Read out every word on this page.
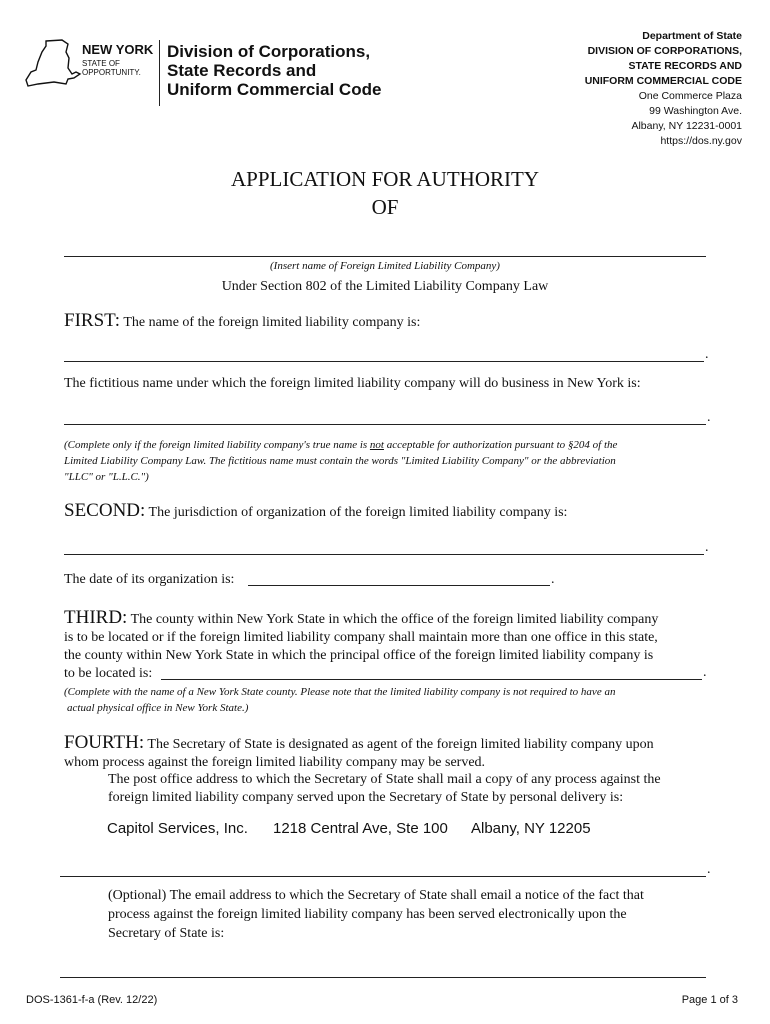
NEW YORK
STATE OF
OPPORTUNITY.
Division of Corporations,
State Records and
Uniform Commercial Code
Department of State
DIVISION OF CORPORATIONS,
STATE RECORDS AND
UNIFORM COMMERCIAL CODE
One Commerce Plaza
99 Washington Ave.
Albany, NY 12231-0001
https://dos.ny.gov
APPLICATION FOR AUTHORITY
OF
(Insert name of Foreign Limited Liability Company)
Under Section 802 of the Limited Liability Company Law
FIRST: The name of the foreign limited liability company is:
.
The fictitious name under which the foreign limited liability company will do business in New York is:
.
(Complete only if the foreign limited liability company's true name is not acceptable for authorization pursuant to §204 of the
Limited Liability Company Law. The fictitious name must contain the words "Limited Liability Company" or the abbreviation
"LLC" or "L.L.C.")
SECOND: The jurisdiction of organization of the foreign limited liability company is:
.
The date of its organization is:	.
THIRD: The county within New York State in which the office of the foreign limited liability company
is to be located or if the foreign limited liability company shall maintain more than one office in this state,
the county within New York State in which the principal office of the foreign limited liability company is
to be located is:	.
(Complete with the name of a New York State county. Please note that the limited liability company is not required to have an
actual physical office in New York State.)
FOURTH: The Secretary of State is designated as agent of the foreign limited liability company upon
whom process against the foreign limited liability company may be served.
The post office address to which the Secretary of State shall mail a copy of any process against the
foreign limited liability company served upon the Secretary of State by personal delivery is:
Capitol Services, Inc. 1218 Central Ave, Ste 100 Albany, NY 12205
.
(Optional) The email address to which the Secretary of State shall email a notice of the fact that
process against the foreign limited liability company has been served electronically upon the
Secretary of State is:
DOS-1361-f-a (Rev. 12/22)	Page 1 of 3
